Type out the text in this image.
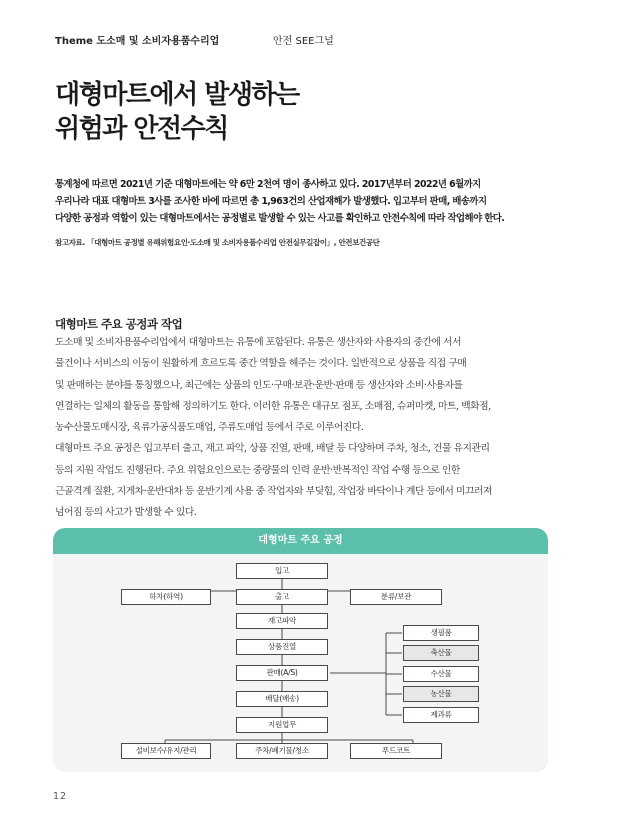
Theme 도소매 및 소비자용품수리업	안전 SEE그널
대형마트에서 발생하는
위험과 안전수칙

통계청에 따르면 2021년 기준 대형마트에는 약 6만 2천여 명이 종사하고 있다. 2017년부터 2022년 6월까지
우리나라 대표 대형마트 3사를 조사한 바에 따르면 총 1,963건의 산업재해가 발생했다. 입고부터 판매, 배송까지
다양한 공정과 역할이 있는 대형마트에서는 공정별로 발생할 수 있는 사고를 확인하고 안전수칙에 따라 작업해야 한다.

참고자료. 「대형마트 공정별 유해위험요인·도소매 및 소비자용품수리업 안전실무길잡이」, 안전보건공단
대형마트 주요 공정과 작업

도소매 및 소비자용품수리업에서 대형마트는 유통에 포함된다. 유통은 생산자와 사용자의 중간에 서서

물건이나 서비스의 이동이 원활하게 흐르도록 중간 역할을 해주는 것이다. 일반적으로 상품을 직접 구매

및 판매하는 분야를 통칭했으나, 최근에는 상품의 인도·구매·보관·운반·판매 등 생산자와 소비·사용자를

연결하는 일체의 활동을 통합해 정의하기도 한다. 이러한 유통은 대규모 점포, 소매점, 슈퍼마켓, 마트, 백화점,

농수산물도매시장, 육류가공식품도매업, 주류도매업 등에서 주로 이루어진다.

대형마트 주요 공정은 입고부터 출고, 재고 파악, 상품 진열, 판매, 배달 등 다양하며 주차, 청소, 건물 유지관리

등의 지원 작업도 진행된다. 주요 위험요인으로는 중량물의 인력 운반·반복적인 작업 수행 등으로 인한

근골격계 질환, 지게차·운반대차 등 운반기계 사용 중 작업자와 부딪힘, 작업장 바닥이나 계단 등에서 미끄러져

넘어짐 등의 사고가 발생할 수 있다.

대형마트 주요 공정
입고
하차(하역)	출고	분류/보관
재고파악
상품진열
판매(A/S)
배달(배송)
지원업무
생필품
축산물
수산물
농산물
제과류
설비보수/유지/관리	주차/폐기물/청소	푸드코트
12
